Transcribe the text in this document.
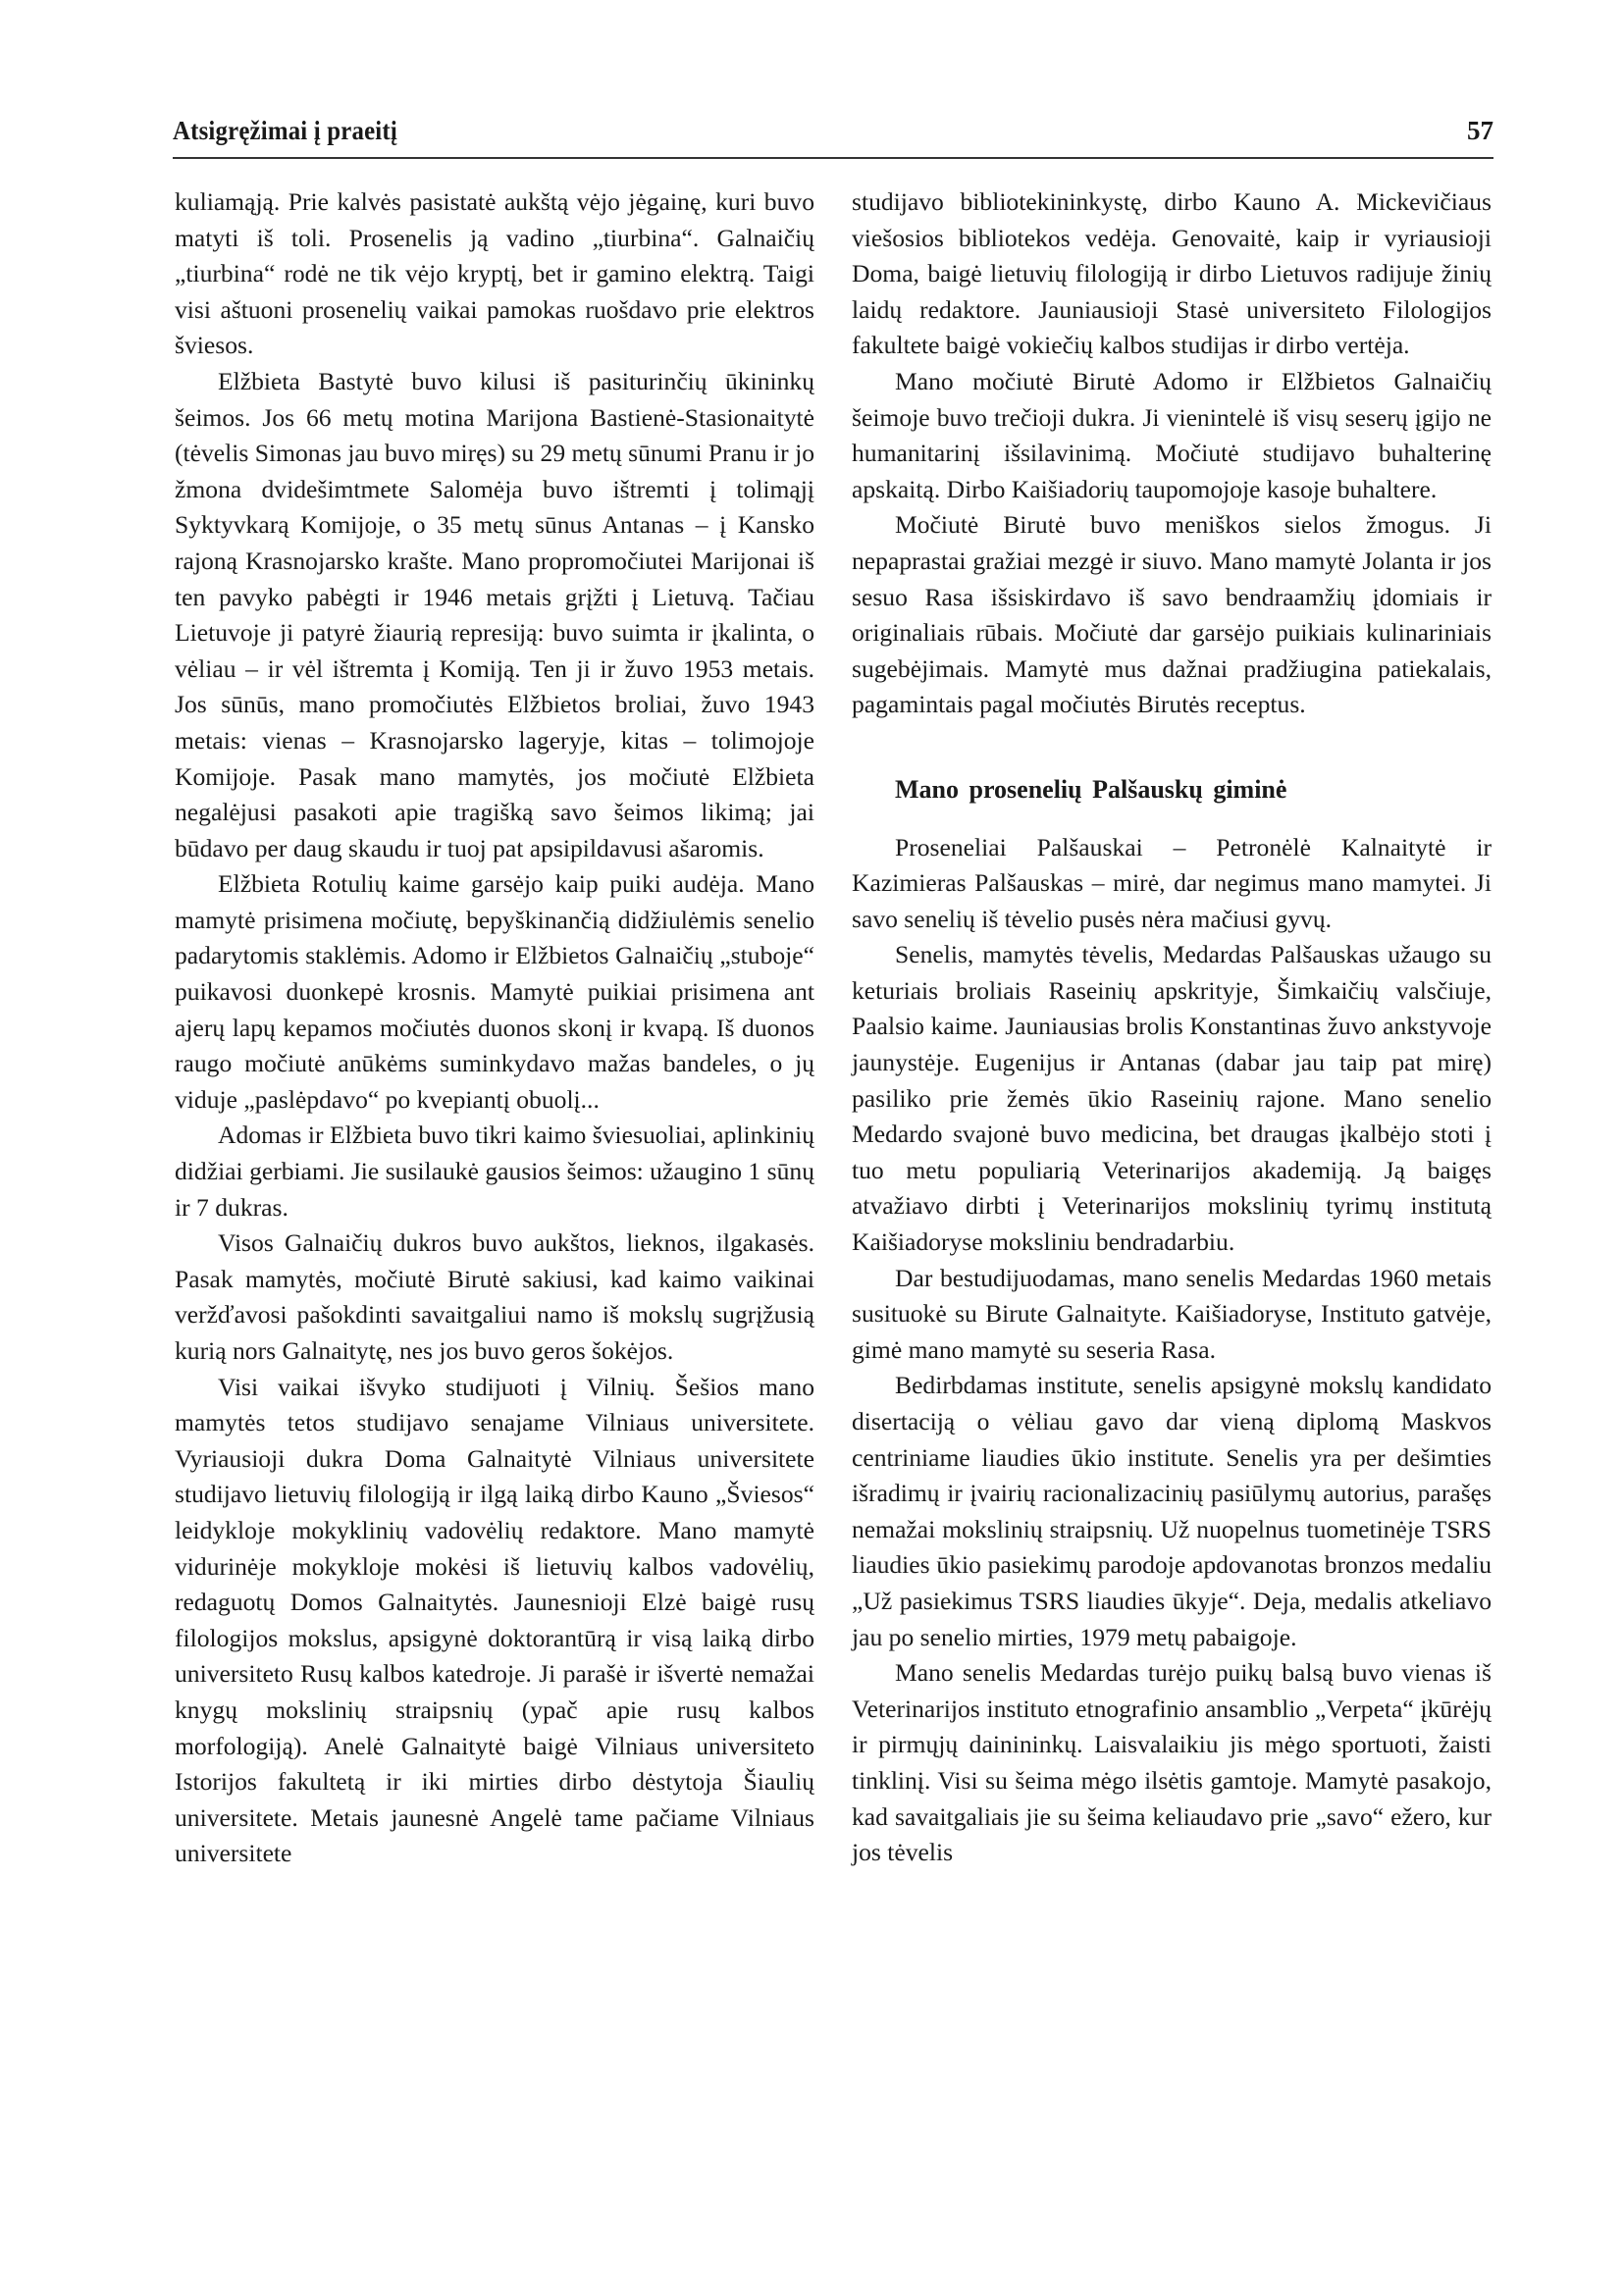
Atsigręžimai į praeitį	57

kuliamąją. Prie kalvės pasistatė aukštą vėjo jėgainę, kuri buvo matyti iš toli. Prosenelis ją vadino „tiurbina“. Galnaičių „tiurbina“ rodė ne tik vėjo kryptį, bet ir gamino elektrą. Taigi visi aštuoni prosenelių vaikai pamokas ruošdavo prie elektros šviesos.

Elžbieta Bastytė buvo kilusi iš pasiturinčių ūkininkų šeimos. Jos 66 metų motina Marijona Bastienė-Stasionaitytė (tėvelis Simonas jau buvo miręs) su 29 metų sūnumi Pranu ir jo žmona dvidešimtmete Salomėja buvo ištremti į tolimąjį Syktyvkarą Komijoje, o 35 metų sūnus Antanas – į Kansko rajoną Krasnojarsko krašte. Mano propromočiutei Marijonai iš ten pavyko pabėgti ir 1946 metais grįžti į Lietuvą. Tačiau Lietuvoje ji patyrė žiaurią represiją: buvo suimta ir įkalinta, o vėliau – ir vėl ištremta į Komiją. Ten ji ir žuvo 1953 metais. Jos sūnūs, mano promočiutės Elžbietos broliai, žuvo 1943 metais: vienas – Krasnojarsko lageryje, kitas – tolimojoje Komijoje. Pasak mano mamytės, jos močiutė Elžbieta negalėjusi pasakoti apie tragišką savo šeimos likimą; jai būdavo per daug skaudu ir tuoj pat apsipildavusi ašaromis.

Elžbieta Rotulių kaime garsėjo kaip puiki audėja. Mano mamytė prisimena močiutę, bepyškinančią didžiulėmis senelio padarytomis staklėmis. Adomo ir Elžbietos Galnaičių „stuboje“ puikavosi duonkepė krosnis. Mamytė puikiai prisimena ant ajerų lapų kepamos močiutės duonos skonį ir kvapą. Iš duonos raugo močiutė anūkėms suminkydavo mažas bandeles, o jų viduje „paslėpdavo“ po kvepiantį obuolį...

Adomas ir Elžbieta buvo tikri kaimo šviesuoliai, aplinkinių didžiai gerbiami. Jie susilaukė gausios šeimos: užaugino 1 sūnų ir 7 dukras.

Visos Galnaičių dukros buvo aukštos, lieknos, ilgakasės. Pasak mamytės, močiutė Birutė sakiusi, kad kaimo vaikinai veržďavosi pašokdinti savaitgaliui namo iš mokslų sugrįžusią kurią nors Galnaitytę, nes jos buvo geros šokėjos.

Visi vaikai išvyko studijuoti į Vilnių. Šešios mano mamytės tetos studijavo senajame Vilniaus universitete. Vyriausioji dukra Doma Galnaitytė Vilniaus universitete studijavo lietuvių filologiją ir ilgą laiką dirbo Kauno „Šviesos“ leidykloje mokyklinių vadovėlių redaktore. Mano mamytė vidurinėje mokykloje mokėsi iš lietuvių kalbos vadovėlių, redaguotų Domos Galnaitytės. Jaunesnioji Elzė baigė rusų filologijos mokslus, apsigynė doktorantūrą ir visą laiką dirbo universiteto Rusų kalbos katedroje. Ji parašė ir išvertė nemažai knygų mokslinių straipsnių (ypač apie rusų kalbos morfologiją). Anelė Galnaitytė baigė Vilniaus universiteto Istorijos fakultetą ir iki mirties dirbo dėstytoja Šiaulių universitete. Metais jaunesnė Angelė tame pačiame Vilniaus universitete

studijavo bibliotekininkystę, dirbo Kauno A. Mickevičiaus viešosios bibliotekos vedėja. Genovaitė, kaip ir vyriausioji Doma, baigė lietuvių filologiją ir dirbo Lietuvos radijuje žinių laidų redaktore. Jauniausioji Stasė universiteto Filologijos fakultete baigė vokiečių kalbos studijas ir dirbo vertėja.

Mano močiutė Birutė Adomo ir Elžbietos Galnaičių šeimoje buvo trečioji dukra. Ji vienintelė iš visų seserų įgijo ne humanitarinį išsilavinimą. Močiutė studijavo buhalterinę apskaitą. Dirbo Kaišiadorių taupomojoje kasoje buhaltere.

Močiutė Birutė buvo meniškos sielos žmogus. Ji nepaprastai gražiai mezgė ir siuvo. Mano mamytė Jolanta ir jos sesuo Rasa išsiskirdavo iš savo bendraamžių įdomiais ir originaliais rūbais. Močiutė dar garsėjo puikiais kulinariniais sugebėjimais. Mamytė mus dažnai pradžiugina patiekalais, pagamintais pagal močiutės Birutės receptus.

Mano prosenelių Palšauskų giminė

Proseneliai Palšauskai – Petronėlė Kalnaitytė ir Kazimieras Palšauskas – mirė, dar negimus mano mamytei. Ji savo senelių iš tėvelio pusės nėra mačiusi gyvų.

Senelis, mamytės tėvelis, Medardas Palšauskas užaugo su keturiais broliais Raseinių apskrityje, Šimkaičių valsčiuje, Paalsio kaime. Jauniausias brolis Konstantinas žuvo ankstyvoje jaunystėje. Eugenijus ir Antanas (dabar jau taip pat mirę) pasiliko prie žemės ūkio Raseinių rajone. Mano senelio Medardo svajonė buvo medicina, bet draugas įkalbėjo stoti į tuo metu populiarią Veterinarijos akademiją. Ją baigęs atvažiavo dirbti į Veterinarijos mokslinių tyrimų institutą Kaišiadoryse moksliniu bendradarbiu.

Dar bestudijuodamas, mano senelis Medardas 1960 metais susituokė su Birute Galnaityte. Kaišiadoryse, Instituto gatvėje, gimė mano mamytė su seseria Rasa.

Bedirbdamas institute, senelis apsigynė mokslų kandidato disertaciją o vėliau gavo dar vieną diplomą Maskvos centriniame liaudies ūkio institute. Senelis yra per dešimties išradimų ir įvairių racionalizacinių pasiūlymų autorius, parašęs nemažai mokslinių straipsnių. Už nuopelnus tuometinėje TSRS liaudies ūkio pasiekimų parodoje apdovanotas bronzos medaliu „Už pasiekimus TSRS liaudies ūkyje“. Deja, medalis atkeliavo jau po senelio mirties, 1979 metų pabaigoje.

Mano senelis Medardas turėjo puikų balsą buvo vienas iš Veterinarijos instituto etnografinio ansamblio „Verpeta“ įkūrėjų ir pirmųjų dainininkų. Laisvalaikiu jis mėgo sportuoti, žaisti tinklinį. Visi su šeima mėgo ilsėtis gamtoje. Mamytė pasakojo, kad savaitgaliais jie su šeima keliaudavo prie „savo“ ežero, kur jos tėvelis
